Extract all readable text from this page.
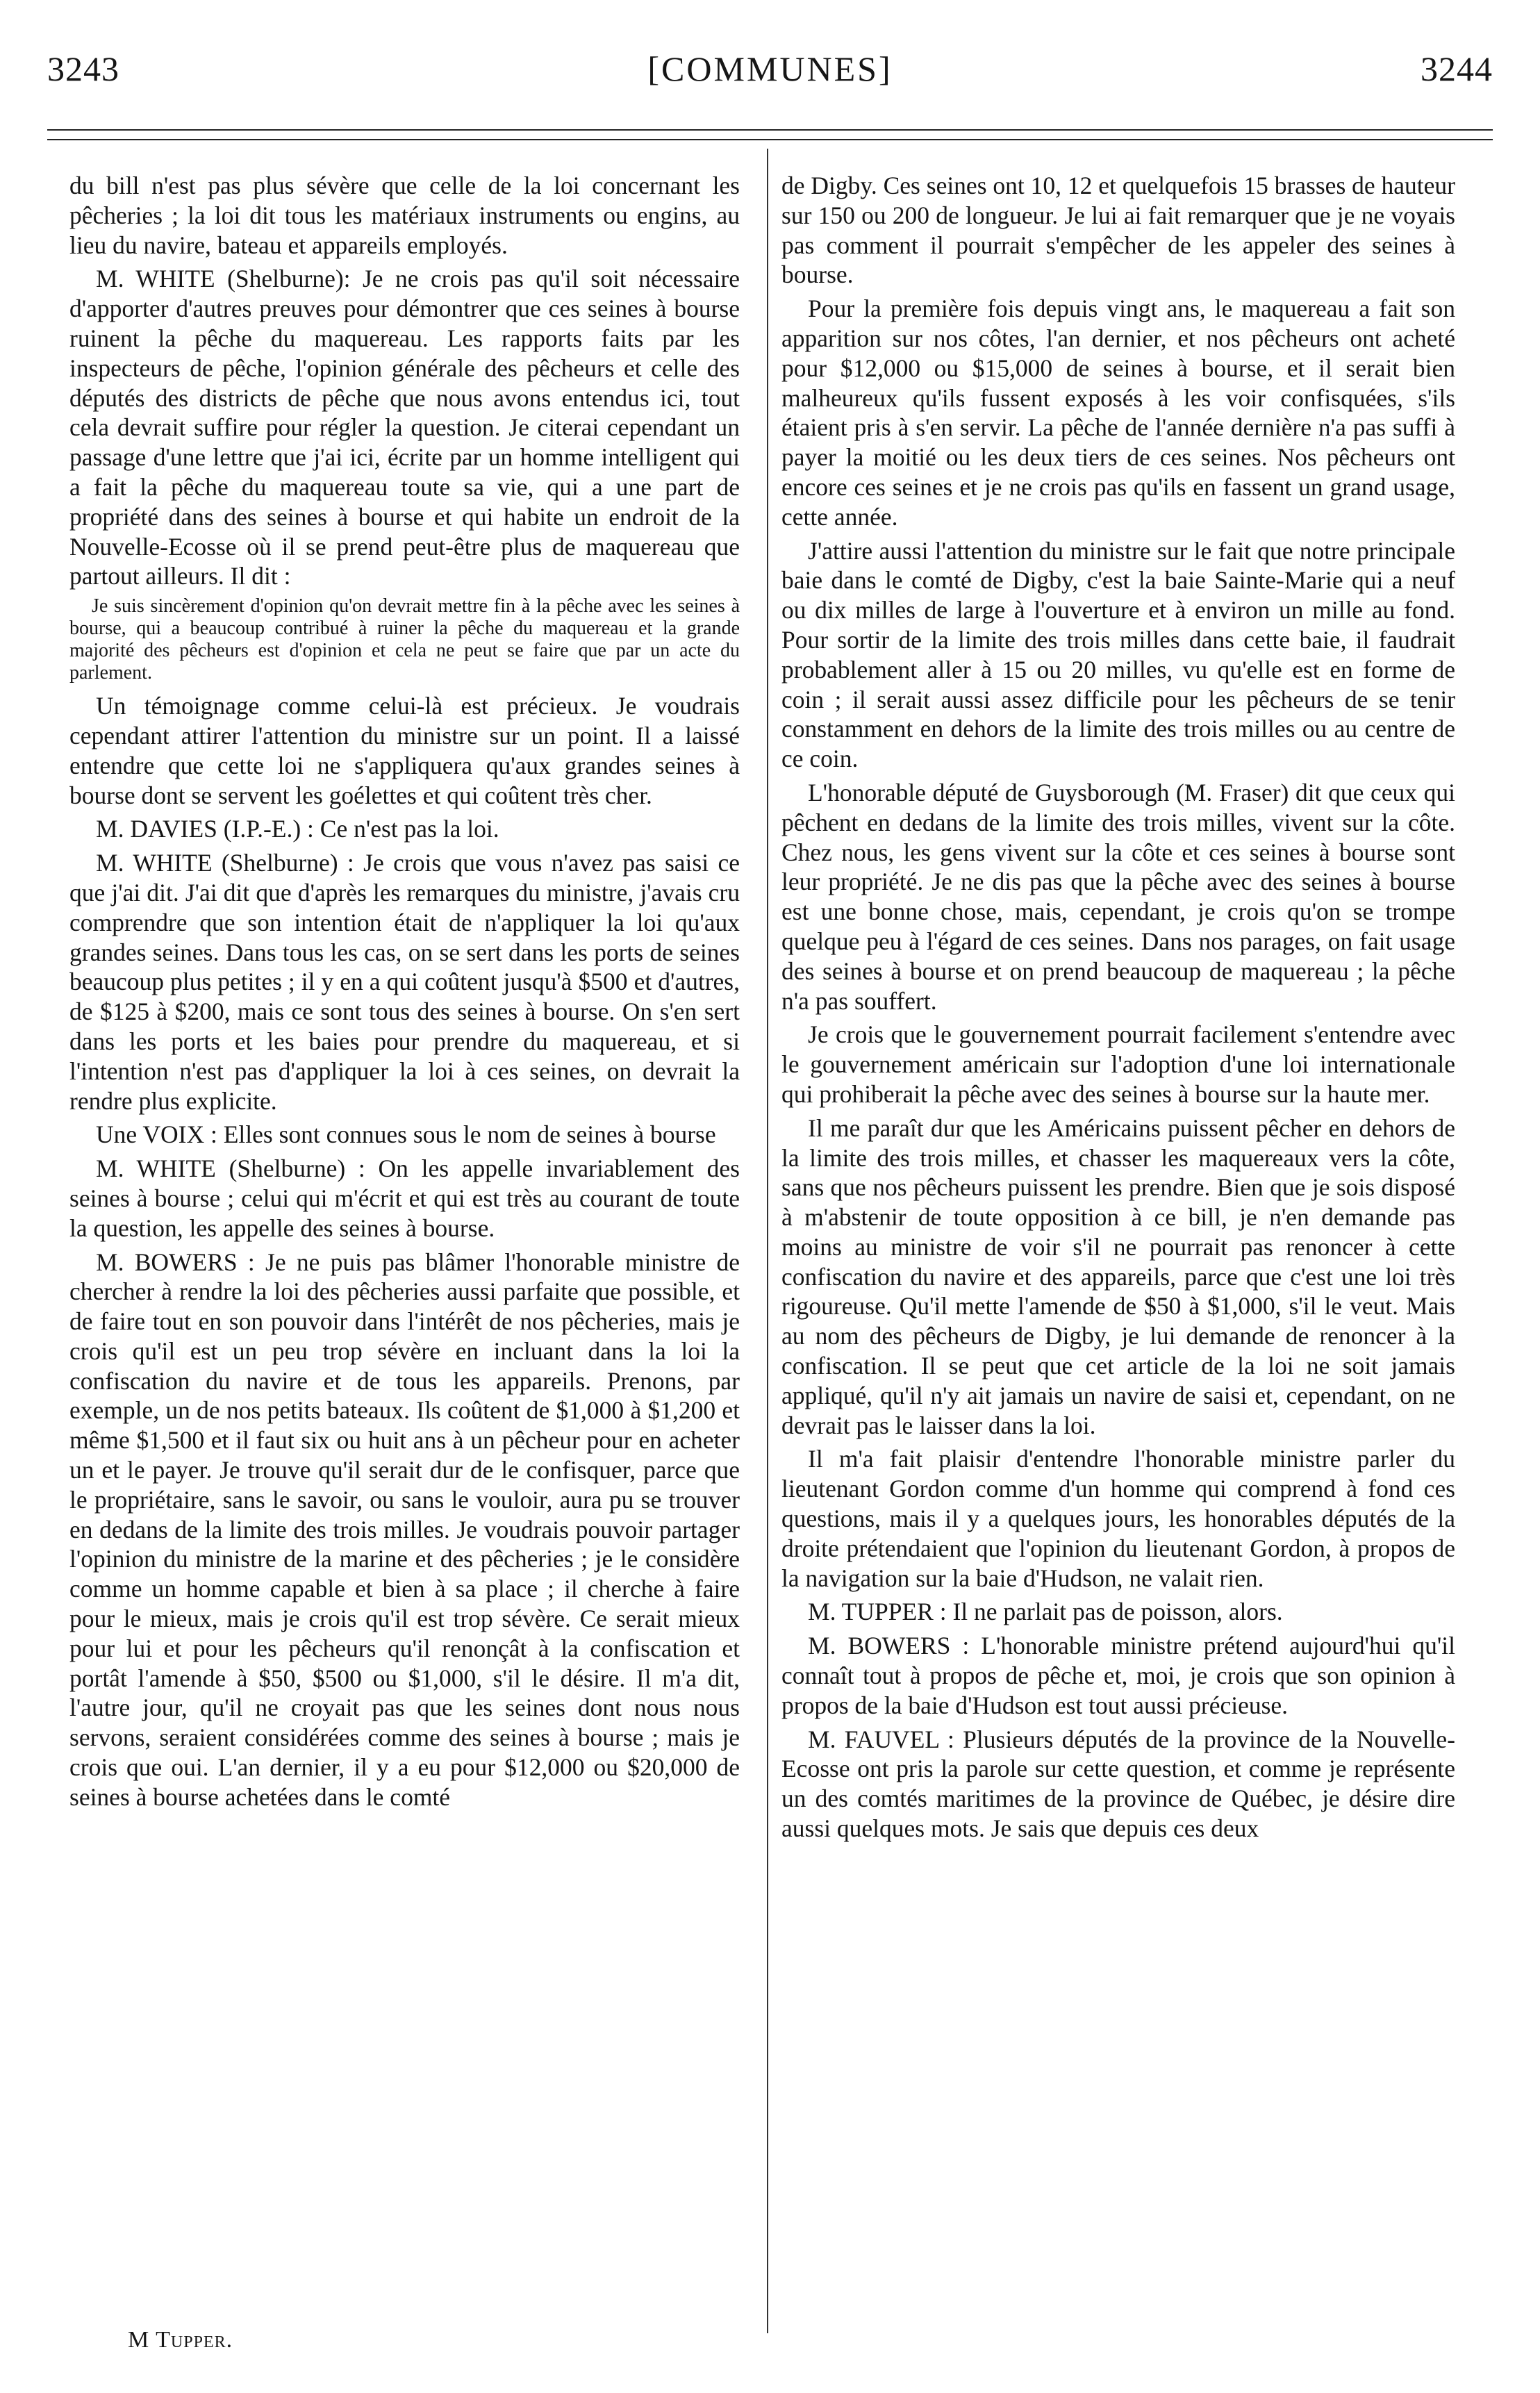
3243	[COMMUNES]	3244

du bill n'est pas plus sévère que celle de la loi concernant les pêcheries ; la loi dit tous les matériaux instruments ou engins, au lieu du navire, bateau et appareils employés.

M. WHITE (Shelburne): Je ne crois pas qu'il soit nécessaire d'apporter d'autres preuves pour démontrer que ces seines à bourse ruinent la pêche du maquereau. Les rapports faits par les inspecteurs de pêche, l'opinion générale des pêcheurs et celle des députés des districts de pêche que nous avons entendus ici, tout cela devrait suffire pour régler la question. Je citerai cependant un passage d'une lettre que j'ai ici, écrite par un homme intelligent qui a fait la pêche du maquereau toute sa vie, qui a une part de propriété dans des seines à bourse et qui habite un endroit de la Nouvelle-Ecosse où il se prend peut-être plus de maquereau que partout ailleurs. Il dit :

Je suis sincèrement d'opinion qu'on devrait mettre fin à la pêche avec les seines à bourse, qui a beaucoup contribué à ruiner la pêche du maquereau et la grande majorité des pêcheurs est d'opinion et cela ne peut se faire que par un acte du parlement.

Un témoignage comme celui-là est précieux. Je voudrais cependant attirer l'attention du ministre sur un point. Il a laissé entendre que cette loi ne s'appliquera qu'aux grandes seines à bourse dont se servent les goélettes et qui coûtent très cher.

M. DAVIES (I.P.-E.) : Ce n'est pas la loi.

M. WHITE (Shelburne) : Je crois que vous n'avez pas saisi ce que j'ai dit. J'ai dit que d'après les remarques du ministre, j'avais cru comprendre que son intention était de n'appliquer la loi qu'aux grandes seines. Dans tous les cas, on se sert dans les ports de seines beaucoup plus petites ; il y en a qui coûtent jusqu'à $500 et d'autres, de $125 à $200, mais ce sont tous des seines à bourse. On s'en sert dans les ports et les baies pour prendre du maquereau, et si l'intention n'est pas d'appliquer la loi à ces seines, on devrait la rendre plus explicite.

Une VOIX : Elles sont connues sous le nom de seines à bourse

M. WHITE (Shelburne) : On les appelle invariablement des seines à bourse ; celui qui m'écrit et qui est très au courant de toute la question, les appelle des seines à bourse.

M. BOWERS : Je ne puis pas blâmer l'honorable ministre de chercher à rendre la loi des pêcheries aussi parfaite que possible, et de faire tout en son pouvoir dans l'intérêt de nos pêcheries, mais je crois qu'il est un peu trop sévère en incluant dans la loi la confiscation du navire et de tous les appareils. Prenons, par exemple, un de nos petits bateaux. Ils coûtent de $1,000 à $1,200 et même $1,500 et il faut six ou huit ans à un pêcheur pour en acheter un et le payer. Je trouve qu'il serait dur de le confisquer, parce que le propriétaire, sans le savoir, ou sans le vouloir, aura pu se trouver en dedans de la limite des trois milles. Je voudrais pouvoir partager l'opinion du ministre de la marine et des pêcheries ; je le considère comme un homme capable et bien à sa place ; il cherche à faire pour le mieux, mais je crois qu'il est trop sévère. Ce serait mieux pour lui et pour les pêcheurs qu'il renonçât à la confiscation et portât l'amende à $50, $500 ou $1,000, s'il le désire. Il m'a dit, l'autre jour, qu'il ne croyait pas que les seines dont nous nous servons, seraient considérées comme des seines à bourse ; mais je crois que oui. L'an dernier, il y a eu pour $12,000 ou $20,000 de seines à bourse achetées dans le comté

de Digby. Ces seines ont 10, 12 et quelquefois 15 brasses de hauteur sur 150 ou 200 de longueur. Je lui ai fait remarquer que je ne voyais pas comment il pourrait s'empêcher de les appeler des seines à bourse.

Pour la première fois depuis vingt ans, le maquereau a fait son apparition sur nos côtes, l'an dernier, et nos pêcheurs ont acheté pour $12,000 ou $15,000 de seines à bourse, et il serait bien malheureux qu'ils fussent exposés à les voir confisquées, s'ils étaient pris à s'en servir. La pêche de l'année dernière n'a pas suffi à payer la moitié ou les deux tiers de ces seines. Nos pêcheurs ont encore ces seines et je ne crois pas qu'ils en fassent un grand usage, cette année.

J'attire aussi l'attention du ministre sur le fait que notre principale baie dans le comté de Digby, c'est la baie Sainte-Marie qui a neuf ou dix milles de large à l'ouverture et à environ un mille au fond. Pour sortir de la limite des trois milles dans cette baie, il faudrait probablement aller à 15 ou 20 milles, vu qu'elle est en forme de coin ; il serait aussi assez difficile pour les pêcheurs de se tenir constamment en dehors de la limite des trois milles ou au centre de ce coin.

L'honorable député de Guysborough (M. Fraser) dit que ceux qui pêchent en dedans de la limite des trois milles, vivent sur la côte. Chez nous, les gens vivent sur la côte et ces seines à bourse sont leur propriété. Je ne dis pas que la pêche avec des seines à bourse est une bonne chose, mais, cependant, je crois qu'on se trompe quelque peu à l'égard de ces seines. Dans nos parages, on fait usage des seines à bourse et on prend beaucoup de maquereau ; la pêche n'a pas souffert.

Je crois que le gouvernement pourrait facilement s'entendre avec le gouvernement américain sur l'adoption d'une loi internationale qui prohiberait la pêche avec des seines à bourse sur la haute mer.

Il me paraît dur que les Américains puissent pêcher en dehors de la limite des trois milles, et chasser les maquereaux vers la côte, sans que nos pêcheurs puissent les prendre. Bien que je sois disposé à m'abstenir de toute opposition à ce bill, je n'en demande pas moins au ministre de voir s'il ne pourrait pas renoncer à cette confiscation du navire et des appareils, parce que c'est une loi très rigoureuse. Qu'il mette l'amende de $50 à $1,000, s'il le veut. Mais au nom des pêcheurs de Digby, je lui demande de renoncer à la confiscation. Il se peut que cet article de la loi ne soit jamais appliqué, qu'il n'y ait jamais un navire de saisi et, cependant, on ne devrait pas le laisser dans la loi.

Il m'a fait plaisir d'entendre l'honorable ministre parler du lieutenant Gordon comme d'un homme qui comprend à fond ces questions, mais il y a quelques jours, les honorables députés de la droite prétendaient que l'opinion du lieutenant Gordon, à propos de la navigation sur la baie d'Hudson, ne valait rien.

M. TUPPER : Il ne parlait pas de poisson, alors.

M. BOWERS : L'honorable ministre prétend aujourd'hui qu'il connaît tout à propos de pêche et, moi, je crois que son opinion à propos de la baie d'Hudson est tout aussi précieuse.

M. FAUVEL : Plusieurs députés de la province de la Nouvelle-Ecosse ont pris la parole sur cette question, et comme je représente un des comtés maritimes de la province de Québec, je désire dire aussi quelques mots. Je sais que depuis ces deux

M Tupper.
